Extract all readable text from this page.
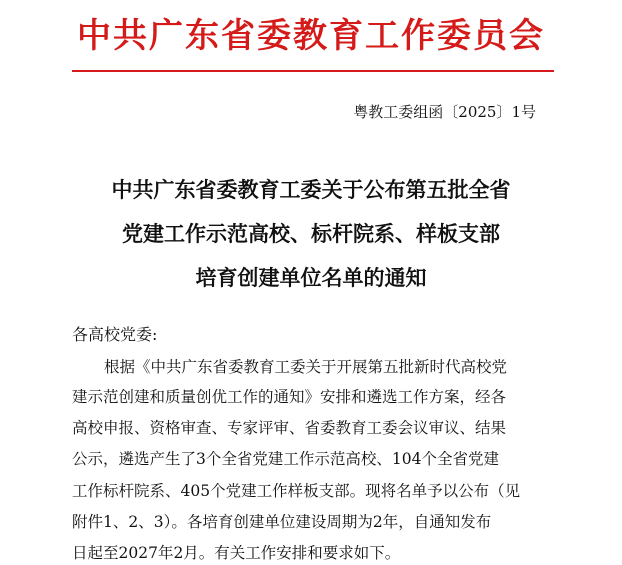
中共广东省委教育工作委员会
粤教工委组函〔2025〕1号
中共广东省委教育工委关于公布第五批全省
党建工作示范高校、标杆院系、样板支部
培育创建单位名单的通知
各高校党委:
根据《中共广东省委教育工委关于开展第五批新时代高校党
建示范创建和质量创优工作的通知》安排和遴选工作方案，经各
高校申报、资格审查、专家评审、省委教育工委会议审议、结果
公示，遴选产生了3个全省党建工作示范高校、104个全省党建
工作标杆院系、405个党建工作样板支部。现将名单予以公布（见
附件1、2、3）。各培育创建单位建设周期为2年，自通知发布
日起至2027年2月。有关工作安排和要求如下。
